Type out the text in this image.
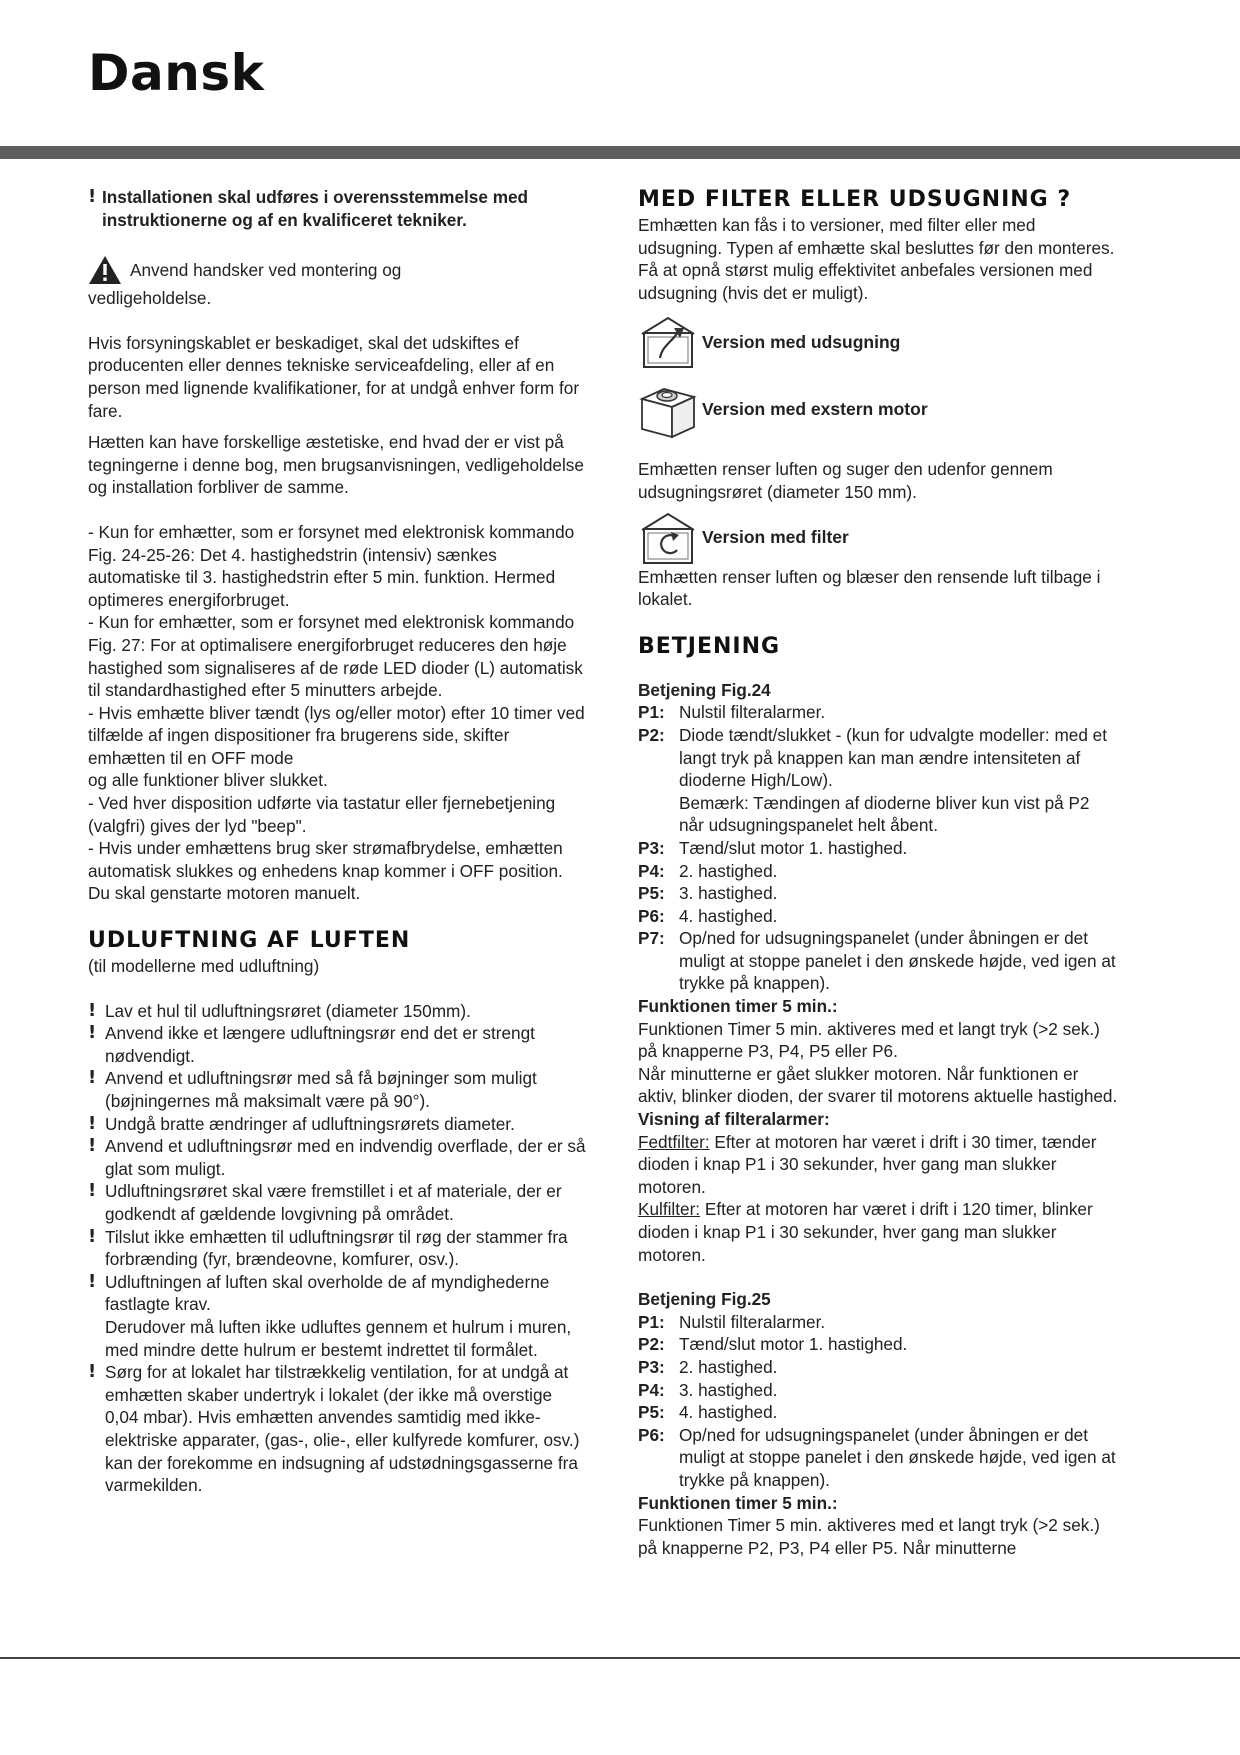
Dansk

! Installationen skal udføres i overensstemmelse med instruktionerne og af en kvalificeret tekniker.

Anvend handsker ved montering og

vedligeholdelse.

Hvis forsyningskablet er beskadiget, skal det udskiftes ef producenten eller dennes tekniske serviceafdeling, eller af en person med lignende kvalifikationer, for at undgå enhver form for fare.

Hætten kan have forskellige æstetiske, end hvad der er vist på tegningerne i denne bog, men brugsanvisningen, vedligeholdelse og installation forbliver de samme.

- Kun for emhætter, som er forsynet med elektronisk kommando Fig. 24-25-26: Det 4. hastighedstrin (intensiv) sænkes automatiske til 3. hastighedstrin efter 5 min. funktion. Hermed optimeres energiforbruget.

- Kun for emhætter, som er forsynet med elektronisk kommando Fig. 27: For at optimalisere energiforbruget reduceres den høje hastighed som signaliseres af de røde LED dioder (L) automatisk til standardhastighed efter 5 minutters arbejde.

- Hvis emhætte bliver tændt (lys og/eller motor) efter 10 timer ved tilfælde af ingen dispositioner fra brugerens side, skifter emhætten til en OFF mode

og alle funktioner bliver slukket.

- Ved hver disposition udførte via tastatur eller fjernebetjening (valgfri) gives der lyd "beep".

- Hvis under emhættens brug sker strømafbrydelse, emhætten automatisk slukkes og enhedens knap kommer i OFF position. Du skal genstarte motoren manuelt.

UDLUFTNING AF LUFTEN

(til modellerne med udluftning)

! Lav et hul til udluftningsrøret (diameter 150mm).
! Anvend ikke et længere udluftningsrør end det er strengt nødvendigt.
! Anvend et udluftningsrør med så få bøjninger som muligt (bøjningernes må maksimalt være på 90°).
! Undgå bratte ændringer af udluftningsrørets diameter.
! Anvend et udluftningsrør med en indvendig overflade, der er så glat som muligt.
! Udluftningsrøret skal være fremstillet i et af materiale, der er godkendt af gældende lovgivning på området.
! Tilslut ikke emhætten til udluftningsrør til røg der stammer fra forbrænding (fyr, brændeovne, komfurer, osv.).
! Udluftningen af luften skal overholde de af myndighederne fastlagte krav.
Derudover må luften ikke udluftes gennem et hulrum i muren, med mindre dette hulrum er bestemt indrettet til formålet.
! Sørg for at lokalet har tilstrækkelig ventilation, for at undgå at emhætten skaber undertryk i lokalet (der ikke må overstige 0,04 mbar). Hvis emhætten anvendes samtidig med ikke-elektriske apparater, (gas-, olie-, eller kulfyrede komfurer, osv.) kan der forekomme en indsugning af udstødningsgasserne fra varmekilden.
MED FILTER ELLER UDSUGNING ?

Emhætten kan fås i to versioner, med filter eller med udsugning. Typen af emhætte skal besluttes før den monteres.

Få at opnå størst mulig effektivitet anbefales versionen med udsugning (hvis det er muligt).

Version med udsugning
Version med exstern motor

Emhætten renser luften og suger den udenfor gennem udsugningsrøret (diameter 150 mm).

Version med filter

Emhætten renser luften og blæser den rensende luft tilbage i lokalet.

BETJENING

Betjening Fig.24

P1: Nulstil filteralarmer.
P2: Diode tændt/slukket - (kun for udvalgte modeller: med et langt tryk på knappen kan man ændre intensiteten af dioderne High/Low).
Bemærk: Tændingen af dioderne bliver kun vist på P2 når udsugningspanelet helt åbent.
P3: Tænd/slut motor 1. hastighed.
P4: 2. hastighed.
P5: 3. hastighed.
P6: 4. hastighed.
P7: Op/ned for udsugningspanelet (under åbningen er det muligt at stoppe panelet i den ønskede højde, ved igen at trykke på knappen).

Funktionen timer 5 min.:

Funktionen Timer 5 min. aktiveres med et langt tryk (>2 sek.) på knapperne P3, P4, P5 eller P6.

Når minutterne er gået slukker motoren. Når funktionen er aktiv, blinker dioden, der svarer til motorens aktuelle hastighed.

Visning af filteralarmer:

Fedtfilter: Efter at motoren har været i drift i 30 timer, tænder dioden i knap P1 i 30 sekunder, hver gang man slukker motoren.

Kulfilter: Efter at motoren har været i drift i 120 timer, blinker dioden i knap P1 i 30 sekunder, hver gang man slukker motoren.

Betjening Fig.25

P1: Nulstil filteralarmer.
P2: Tænd/slut motor 1. hastighed.
P3: 2. hastighed.
P4: 3. hastighed.
P5: 4. hastighed.
P6: Op/ned for udsugningspanelet (under åbningen er det muligt at stoppe panelet i den ønskede højde, ved igen at trykke på knappen).

Funktionen timer 5 min.:

Funktionen Timer 5 min. aktiveres med et langt tryk (>2 sek.) på knapperne P2, P3, P4 eller P5. Når minutterne
